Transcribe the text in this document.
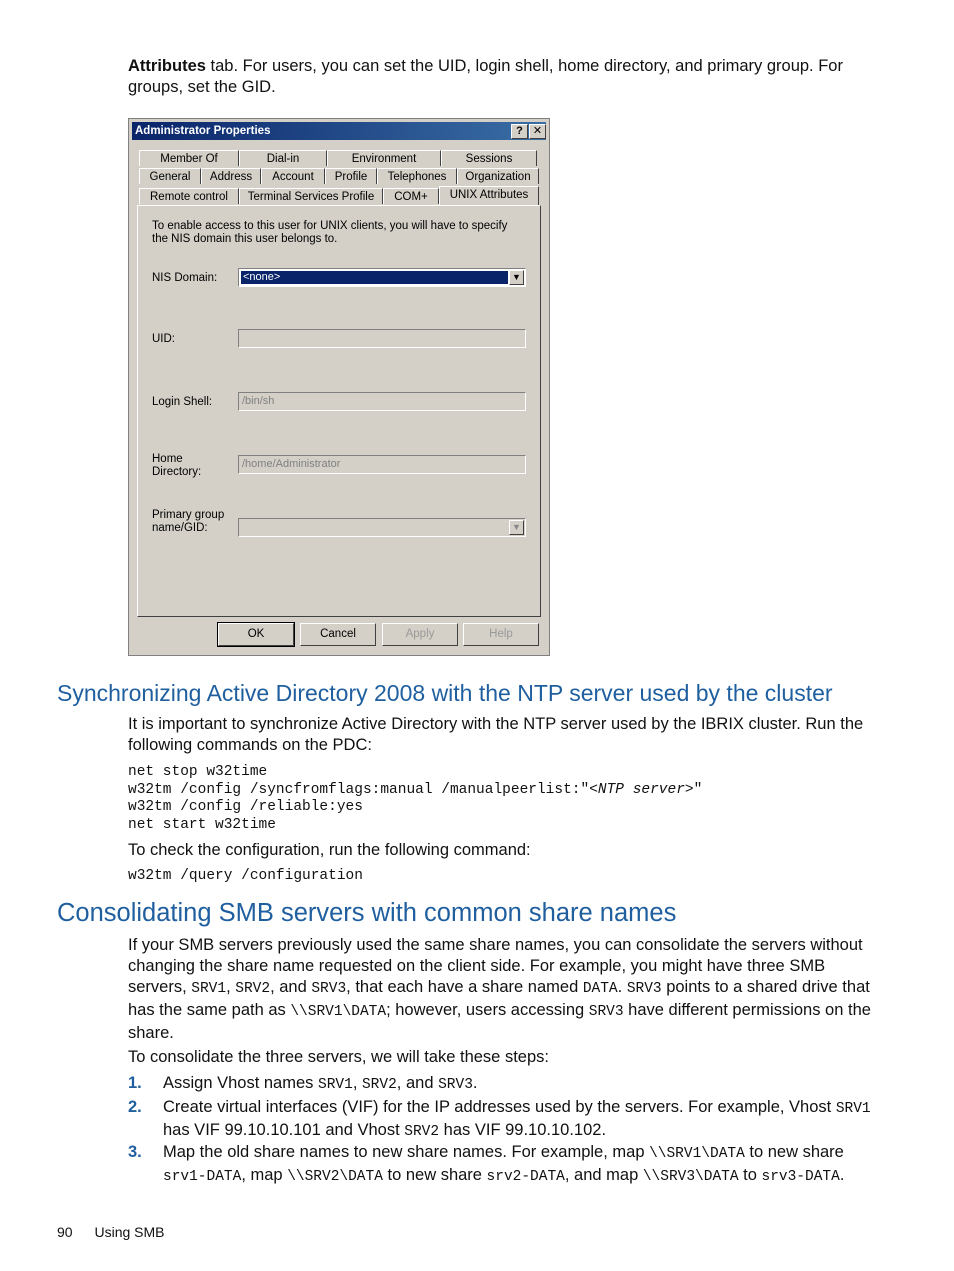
Attributes tab. For users, you can set the UID, login shell, home directory, and primary group. For groups, set the GID.
Administrator Properties	? ✕
Member Of	Dial-in	Environment	Sessions
General	Address	Account	Profile	Telephones	Organization
Remote control	Terminal Services Profile	COM+	UNIX Attributes
To enable access to this user for UNIX clients, you will have to specify the NIS domain this user belongs to.
NIS Domain: <none>	▼
UID:
Login Shell:	/bin/sh
Home Directory:
/home/Administrator
Primary group name/GID:	▼
OK	Cancel	Apply	Help
Synchronizing Active Directory 2008 with the NTP server used by the cluster
It is important to synchronize Active Directory with the NTP server used by the IBRIX cluster. Run the following commands on the PDC:
net stop w32time
w32tm /config /syncfromflags:manual /manualpeerlist:"<NTP server>"
w32tm /config /reliable:yes
net start w32time
To check the configuration, run the following command:
w32tm /query /configuration
Consolidating SMB servers with common share names
If your SMB servers previously used the same share names, you can consolidate the servers without changing the share name requested on the client side. For example, you might have three SMB servers, SRV1, SRV2, and SRV3, that each have a share named DATA. SRV3 points to a shared drive that has the same path as \\SRV1\DATA; however, users accessing SRV3 have different permissions on the share.
To consolidate the three servers, we will take these steps:
1. Assign Vhost names SRV1, SRV2, and SRV3.
2. Create virtual interfaces (VIF) for the IP addresses used by the servers. For example, Vhost SRV1 has VIF 99.10.10.101 and Vhost SRV2 has VIF 99.10.10.102.
3. Map the old share names to new share names. For example, map \\SRV1\DATA to new share srv1-DATA, map \\SRV2\DATA to new share srv2-DATA, and map \\SRV3\DATA to srv3-DATA.
90 Using SMB
